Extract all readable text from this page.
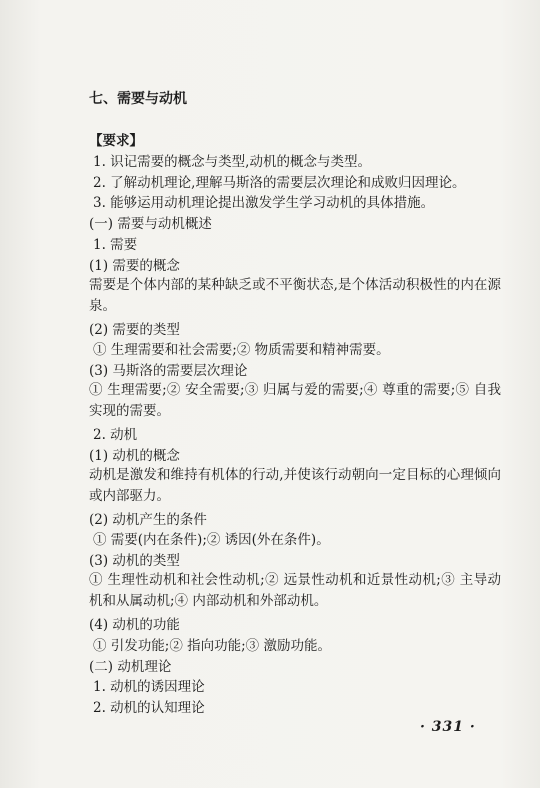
七、需要与动机
【要求】
1. 识记需要的概念与类型,动机的概念与类型。
2. 了解动机理论,理解马斯洛的需要层次理论和成败归因理论。
3. 能够运用动机理论提出激发学生学习动机的具体措施。
(一) 需要与动机概述
1. 需要
(1) 需要的概念
需要是个体内部的某种缺乏或不平衡状态,是个体活动积极性的内在源泉。
(2) 需要的类型
① 生理需要和社会需要;② 物质需要和精神需要。
(3) 马斯洛的需要层次理论
① 生理需要;② 安全需要;③ 归属与爱的需要;④ 尊重的需要;⑤ 自我实现的需要。
2. 动机
(1) 动机的概念
动机是激发和维持有机体的行动,并使该行动朝向一定目标的心理倾向或内部驱力。
(2) 动机产生的条件
① 需要(内在条件);② 诱因(外在条件)。
(3) 动机的类型
① 生理性动机和社会性动机;② 远景性动机和近景性动机;③ 主导动机和从属动机;④ 内部动机和外部动机。
(4) 动机的功能
① 引发功能;② 指向功能;③ 激励功能。
(二) 动机理论
1. 动机的诱因理论
2. 动机的认知理论
· 331 ·
